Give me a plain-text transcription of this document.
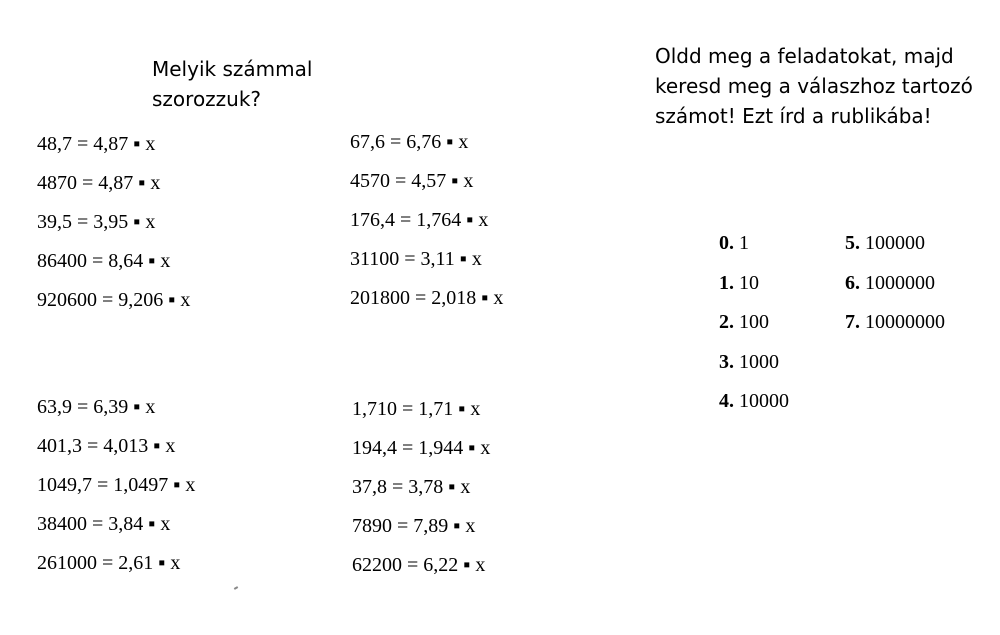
Melyik számmal szorozzuk?
Oldd meg a feladatokat, majd keresd meg a válaszhoz tartozó számot! Ezt írd a rublikába!
48,7 = 4,87 ▪ x
4870 = 4,87 ▪ x
39,5 = 3,95 ▪ x
86400 = 8,64 ▪ x
920600 = 9,206 ▪ x
67,6 = 6,76 ▪ x
4570 = 4,57 ▪ x
176,4 = 1,764 ▪ x
31100 = 3,11 ▪ x
201800 = 2,018 ▪ x
63,9 = 6,39 ▪ x
401,3 = 4,013 ▪ x
1049,7 = 1,0497 ▪ x
38400 = 3,84 ▪ x
261000 = 2,61 ▪ x
1,710 = 1,71 ▪ x
194,4 = 1,944 ▪ x
37,8 = 3,78 ▪ x
7890 = 7,89 ▪ x
62200 = 6,22 ▪ x
0. 1
1. 10
2. 100
3. 1000
4. 10000
5. 100000
6. 1000000
7. 10000000
